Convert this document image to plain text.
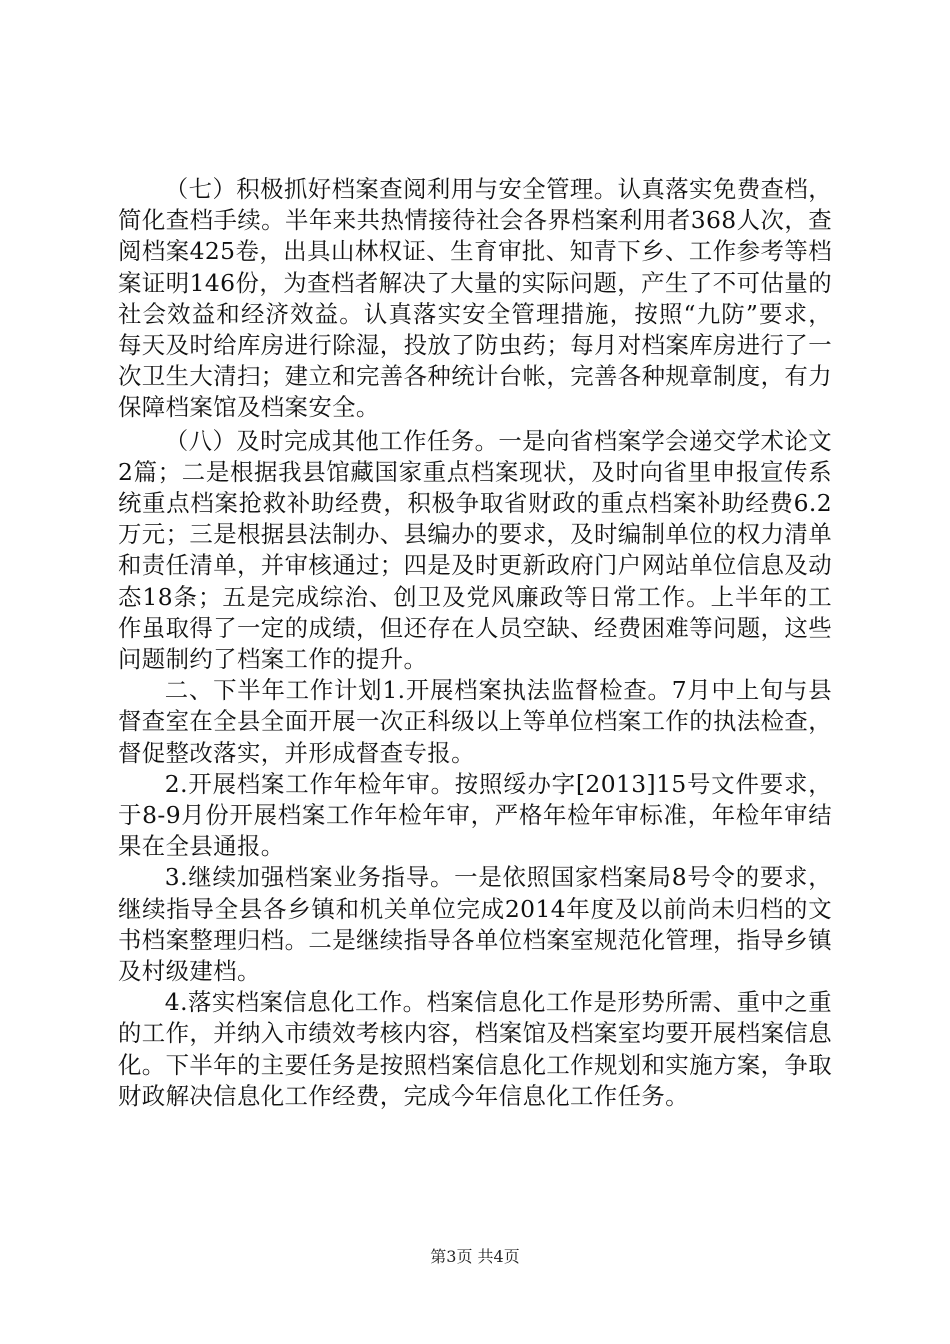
（七）积极抓好档案查阅利用与安全管理。认真落实免费查档，简化查档手续。半年来共热情接待社会各界档案利用者368人次，查阅档案425卷，出具山林权证、生育审批、知青下乡、工作参考等档案证明146份，为查档者解决了大量的实际问题，产生了不可估量的社会效益和经济效益。认真落实安全管理措施，按照“九防”要求，每天及时给库房进行除湿，投放了防虫药；每月对档案库房进行了一次卫生大清扫；建立和完善各种统计台帐，完善各种规章制度，有力保障档案馆及档案安全。

（八）及时完成其他工作任务。一是向省档案学会递交学术论文2篇；二是根据我县馆藏国家重点档案现状，及时向省里申报宣传系统重点档案抢救补助经费，积极争取省财政的重点档案补助经费6.2万元；三是根据县法制办、县编办的要求，及时编制单位的权力清单和责任清单，并审核通过；四是及时更新政府门户网站单位信息及动态18条；五是完成综治、创卫及党风廉政等日常工作。上半年的工作虽取得了一定的成绩，但还存在人员空缺、经费困难等问题，这些问题制约了档案工作的提升。

二、下半年工作计划1.开展档案执法监督检查。7月中上旬与县督查室在全县全面开展一次正科级以上等单位档案工作的执法检查，督促整改落实，并形成督查专报。

2.开展档案工作年检年审。按照绥办字[2013]15号文件要求，于8-9月份开展档案工作年检年审，严格年检年审标准，年检年审结果在全县通报。

3.继续加强档案业务指导。一是依照国家档案局8号令的要求，继续指导全县各乡镇和机关单位完成2014年度及以前尚未归档的文书档案整理归档。二是继续指导各单位档案室规范化管理，指导乡镇及村级建档。

4.落实档案信息化工作。档案信息化工作是形势所需、重中之重的工作，并纳入市绩效考核内容，档案馆及档案室均要开展档案信息化。下半年的主要任务是按照档案信息化工作规划和实施方案，争取财政解决信息化工作经费，完成今年信息化工作任务。

第3页 共4页
